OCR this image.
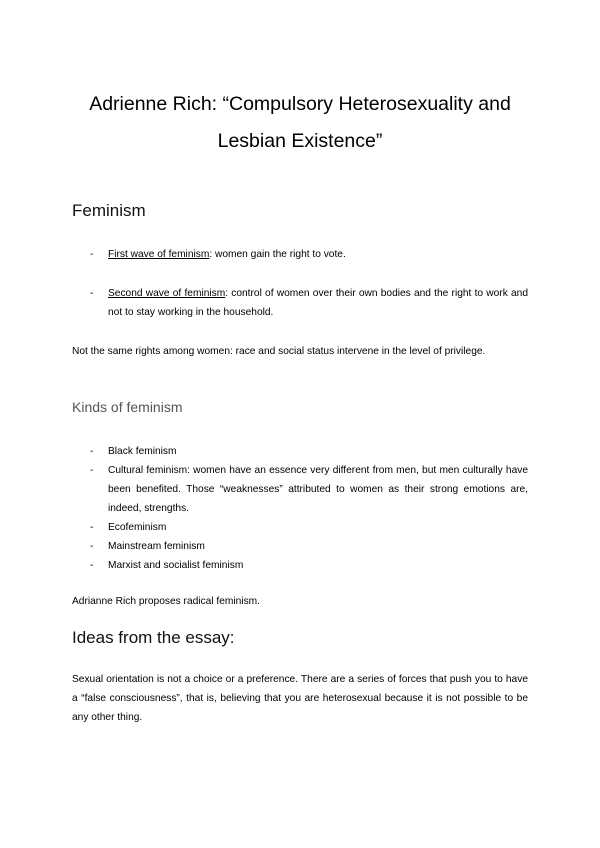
Adrienne Rich: “Compulsory Heterosexuality and
Lesbian Existence”
Feminism
- First wave of feminism: women gain the right to vote.
- Second wave of feminism: control of women over their own bodies and the right to work and not to stay working in the household.
Not the same rights among women: race and social status intervene in the level of privilege.
Kinds of feminism
- Black feminism
- Cultural feminism: women have an essence very different from men, but men culturally have been benefited. Those “weaknesses” attributed to women as their strong emotions are, indeed, strengths.
- Ecofeminism
- Mainstream feminism
- Marxist and socialist feminism
Adrianne Rich proposes radical feminism.
Ideas from the essay:
Sexual orientation is not a choice or a preference. There are a series of forces that push you to have a “false consciousness”, that is, believing that you are heterosexual because it is not possible to be any other thing.
